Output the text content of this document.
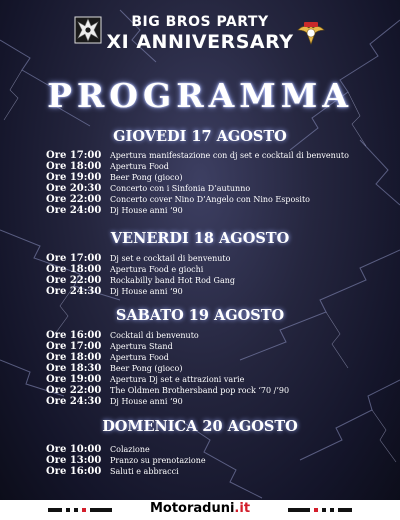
BIG BROS PARTY
XI ANNIVERSARY
PROGRAMMA
GIOVEDI 17 AGOSTO
Ore 17:00 Apertura manifestazione con dj set e cocktail di benvenuto
Ore 18:00 Apertura Food
Ore 19:00 Beer Pong (gioco)
Ore 20:30 Concerto con i Sinfonia D’autunno
Ore 22:00 Concerto cover Nino D’Angelo con Nino Esposito
Ore 24:00 Dj House anni ‘90
VENERDI 18 AGOSTO
Ore 17:00 Dj set e cocktail di benvenuto
Ore 18:00 Apertura Food e giochi
Ore 22:00 Rockabilly band Hot Rod Gang
Ore 24:30 Dj House anni ‘90
SABATO 19 AGOSTO
Ore 16:00 Cocktail di benvenuto
Ore 17:00 Apertura Stand
Ore 18:00 Apertura Food
Ore 18:30 Beer Pong (gioco)
Ore 19:00 Apertura Dj set e attrazioni varie
Ore 22:00 The Oldmen Brothersband pop rock ‘70 /’90
Ore 24:30 Dj House anni ‘90
DOMENICA 20 AGOSTO
Ore 10:00 Colazione
Ore 13:00 Pranzo su prenotazione
Ore 16:00 Saluti e abbracci
Motoraduni.it
